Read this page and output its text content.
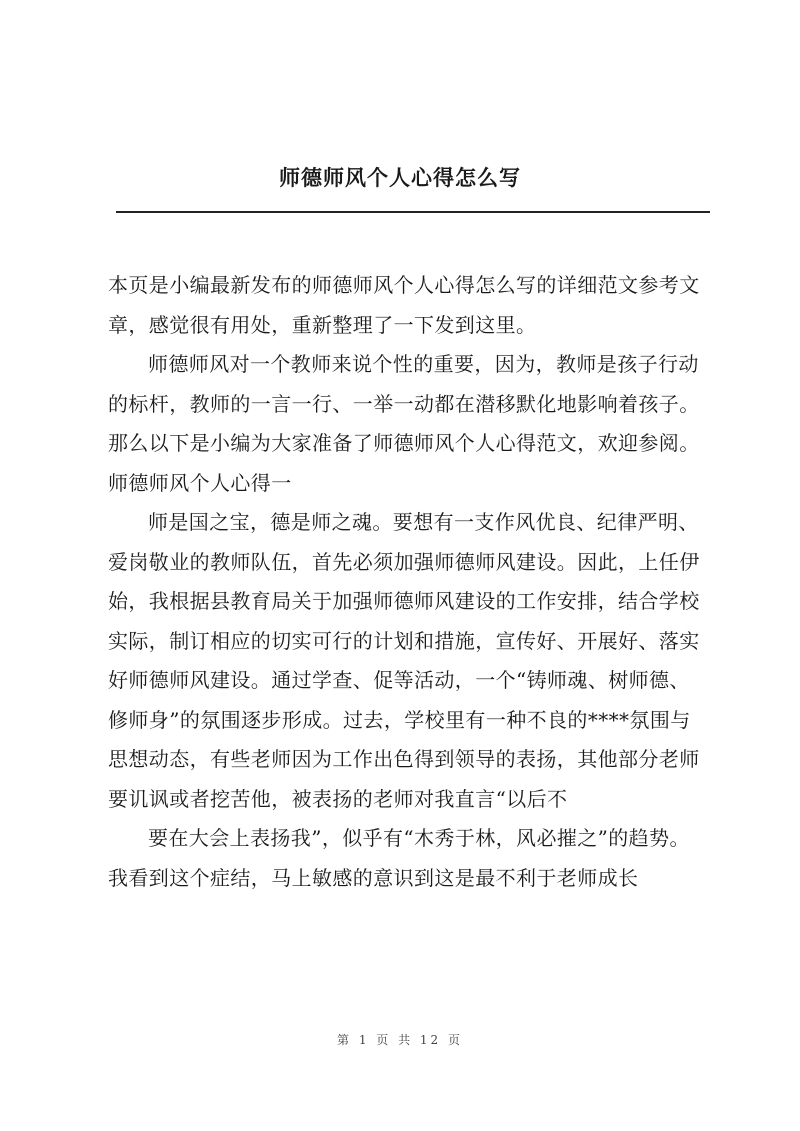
师德师风个人心得怎么写

本页是小编最新发布的师德师风个人心得怎么写的详细范文参考文章，感觉很有用处，重新整理了一下发到这里。

师德师风对一个教师来说个性的重要，因为，教师是孩子行动的标杆，教师的一言一行、一举一动都在潜移默化地影响着孩子。那么以下是小编为大家准备了师德师风个人心得范文，欢迎参阅。　　师德师风个人心得一

师是国之宝，德是师之魂。要想有一支作风优良、纪律严明、爱岗敬业的教师队伍，首先必须加强师德师风建设。因此，上任伊始，我根据县教育局关于加强师德师风建设的工作安排，结合学校实际，制订相应的切实可行的计划和措施，宣传好、开展好、落实好师德师风建设。通过学查、促等活动，一个“铸师魂、树师德、修师身”的氛围逐步形成。过去，学校里有一种不良的****氛围与思想动态，有些老师因为工作出色得到领导的表扬，其他部分老师要讥讽或者挖苦他，被表扬的老师对我直言“以后不

要在大会上表扬我”，似乎有“木秀于林，风必摧之”的趋势。我看到这个症结，马上敏感的意识到这是最不利于老师成长

第 1 页 共 12 页
